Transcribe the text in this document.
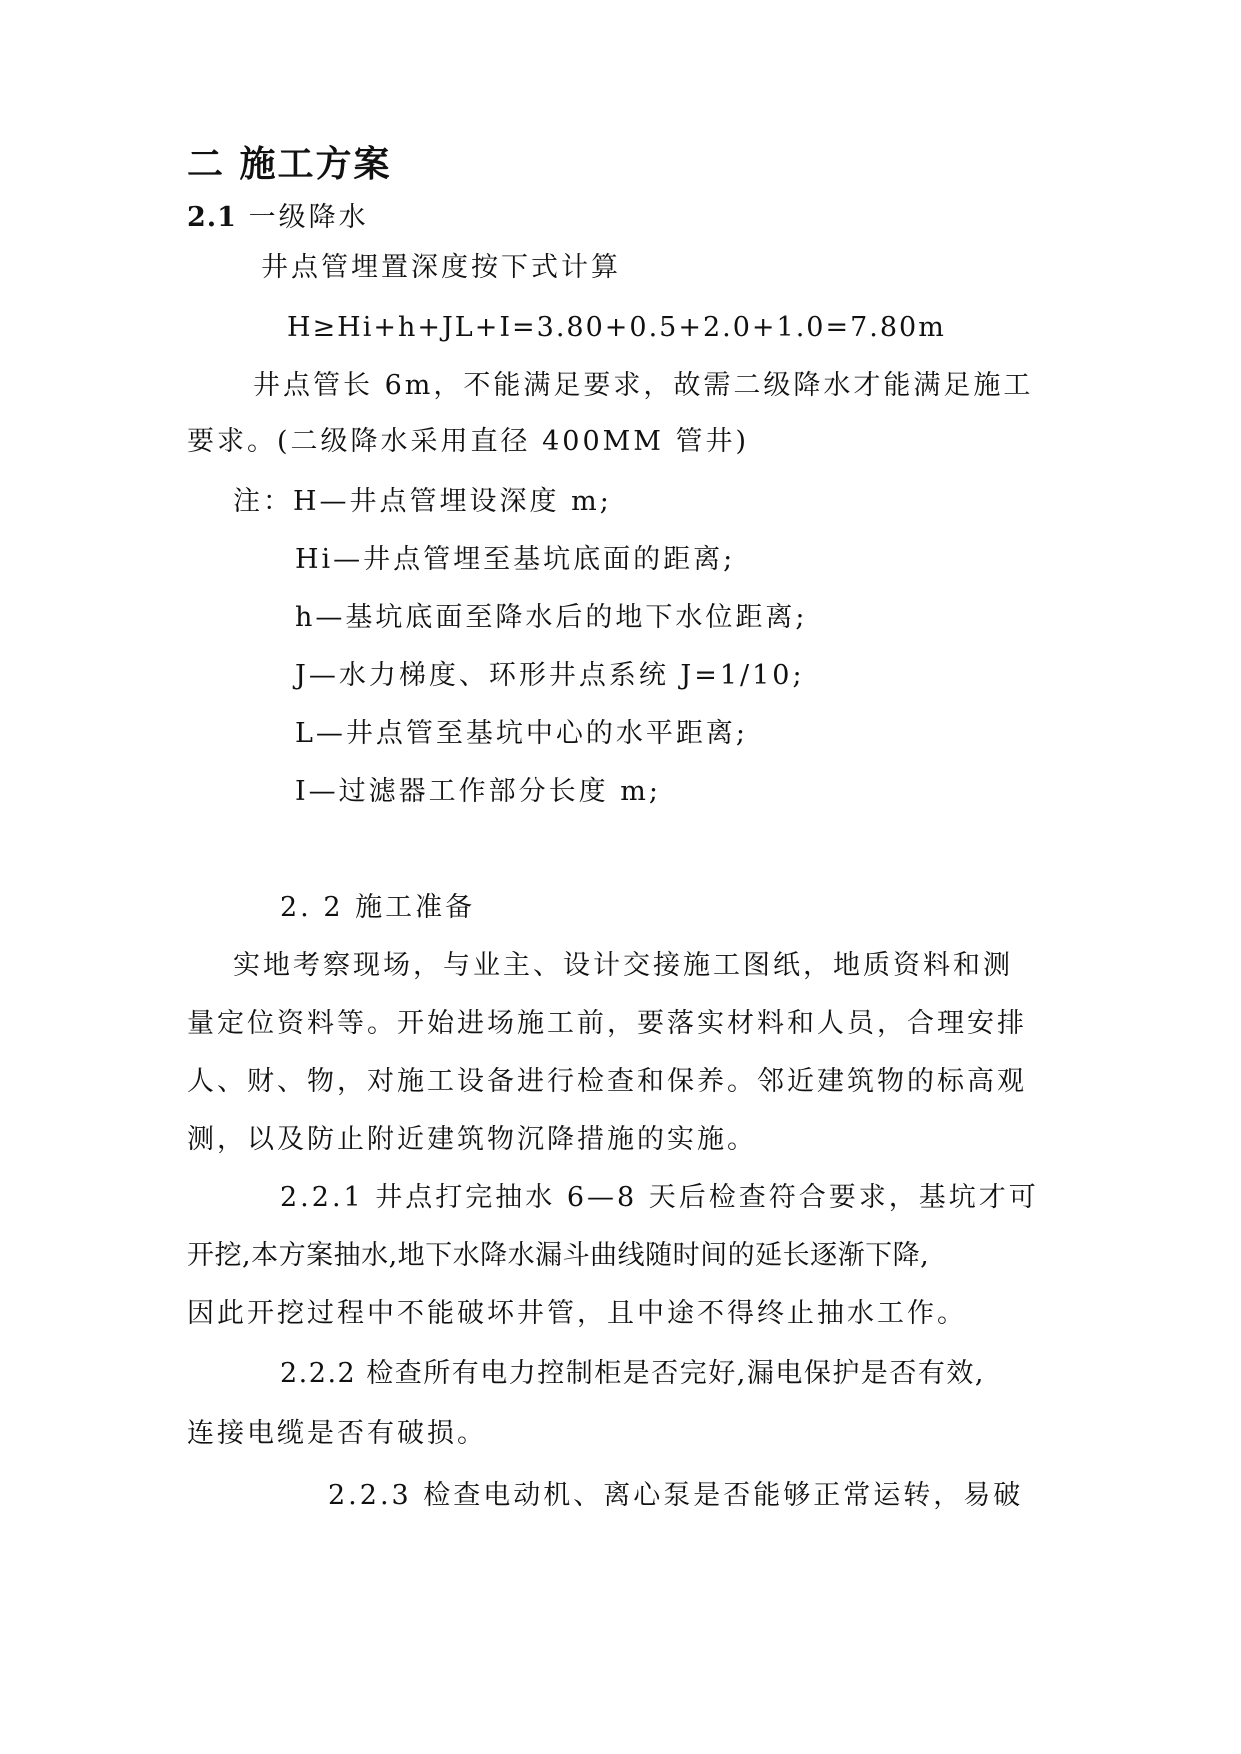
二 施工方案

2.1 一级降水

井点管埋置深度按下式计算

H≥Hi+h+JL+I=3.80+0.5+2.0+1.0=7.80m

井点管长 6m，不能满足要求，故需二级降水才能满足施工

要求。(二级降水采用直径 400MM 管井)

注：H—井点管埋设深度 m;

Hi—井点管埋至基坑底面的距离;

h—基坑底面至降水后的地下水位距离;

J—水力梯度、环形井点系统 J=1/10;

L—井点管至基坑中心的水平距离;

I—过滤器工作部分长度 m;

2. 2 施工准备

实地考察现场，与业主、设计交接施工图纸，地质资料和测

量定位资料等。开始进场施工前，要落实材料和人员，合理安排

人、财、物，对施工设备进行检查和保养。邻近建筑物的标高观

测，以及防止附近建筑物沉降措施的实施。

2.2.1 井点打完抽水 6—8 天后检查符合要求，基坑才可

开挖,本方案抽水,地下水降水漏斗曲线随时间的延长逐渐下降,

因此开挖过程中不能破坏井管，且中途不得终止抽水工作。

2.2.2 检查所有电力控制柜是否完好,漏电保护是否有效,

连接电缆是否有破损。

2.2.3 检查电动机、离心泵是否能够正常运转，易破
